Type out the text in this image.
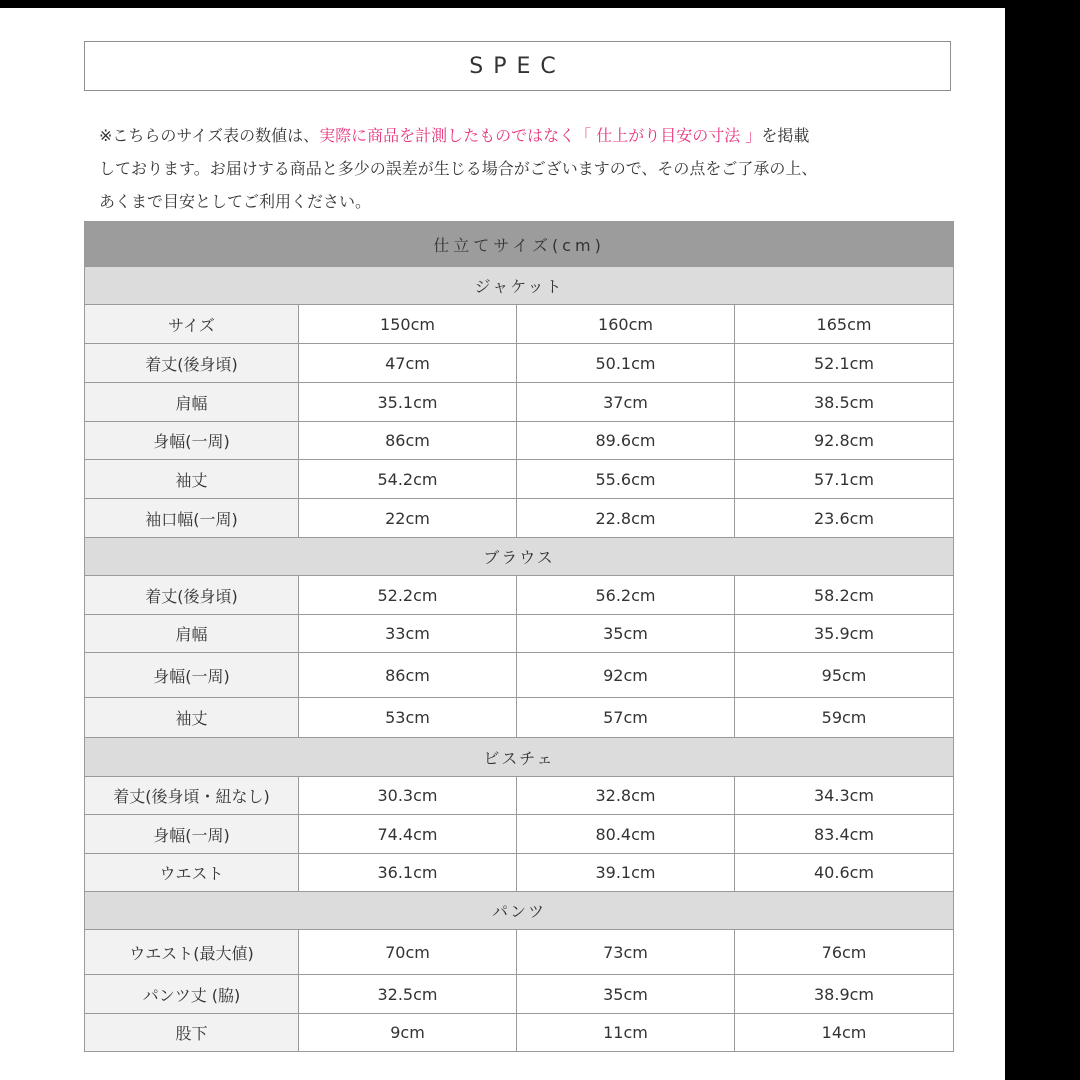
SPEC
※こちらのサイズ表の数値は、実際に商品を計測したものではなく「 仕上がり目安の寸法 」を掲載
しております。お届けする商品と多少の誤差が生じる場合がございますので、その点をご了承の上、
あくまで目安としてご利用ください。
仕立てサイズ(cm)			
ジャケット			
サイズ	150cm	160cm	165cm
着丈(後身頃)	47cm	50.1cm	52.1cm
肩幅	35.1cm	37cm	38.5cm
身幅(一周)	86cm	89.6cm	92.8cm
袖丈	54.2cm	55.6cm	57.1cm
袖口幅(一周)	22cm	22.8cm	23.6cm
ブラウス			
着丈(後身頃)	52.2cm	56.2cm	58.2cm
肩幅	33cm	35cm	35.9cm
身幅(一周)	86cm	92cm	95cm
袖丈	53cm	57cm	59cm
ビスチェ			
着丈(後身頃・紐なし)	30.3cm	32.8cm	34.3cm
身幅(一周)	74.4cm	80.4cm	83.4cm
ウエスト	36.1cm	39.1cm	40.6cm
パンツ			
ウエスト(最大値)	70cm	73cm	76cm
パンツ丈 (脇)	32.5cm	35cm	38.9cm
股下	9cm	11cm	14cm
